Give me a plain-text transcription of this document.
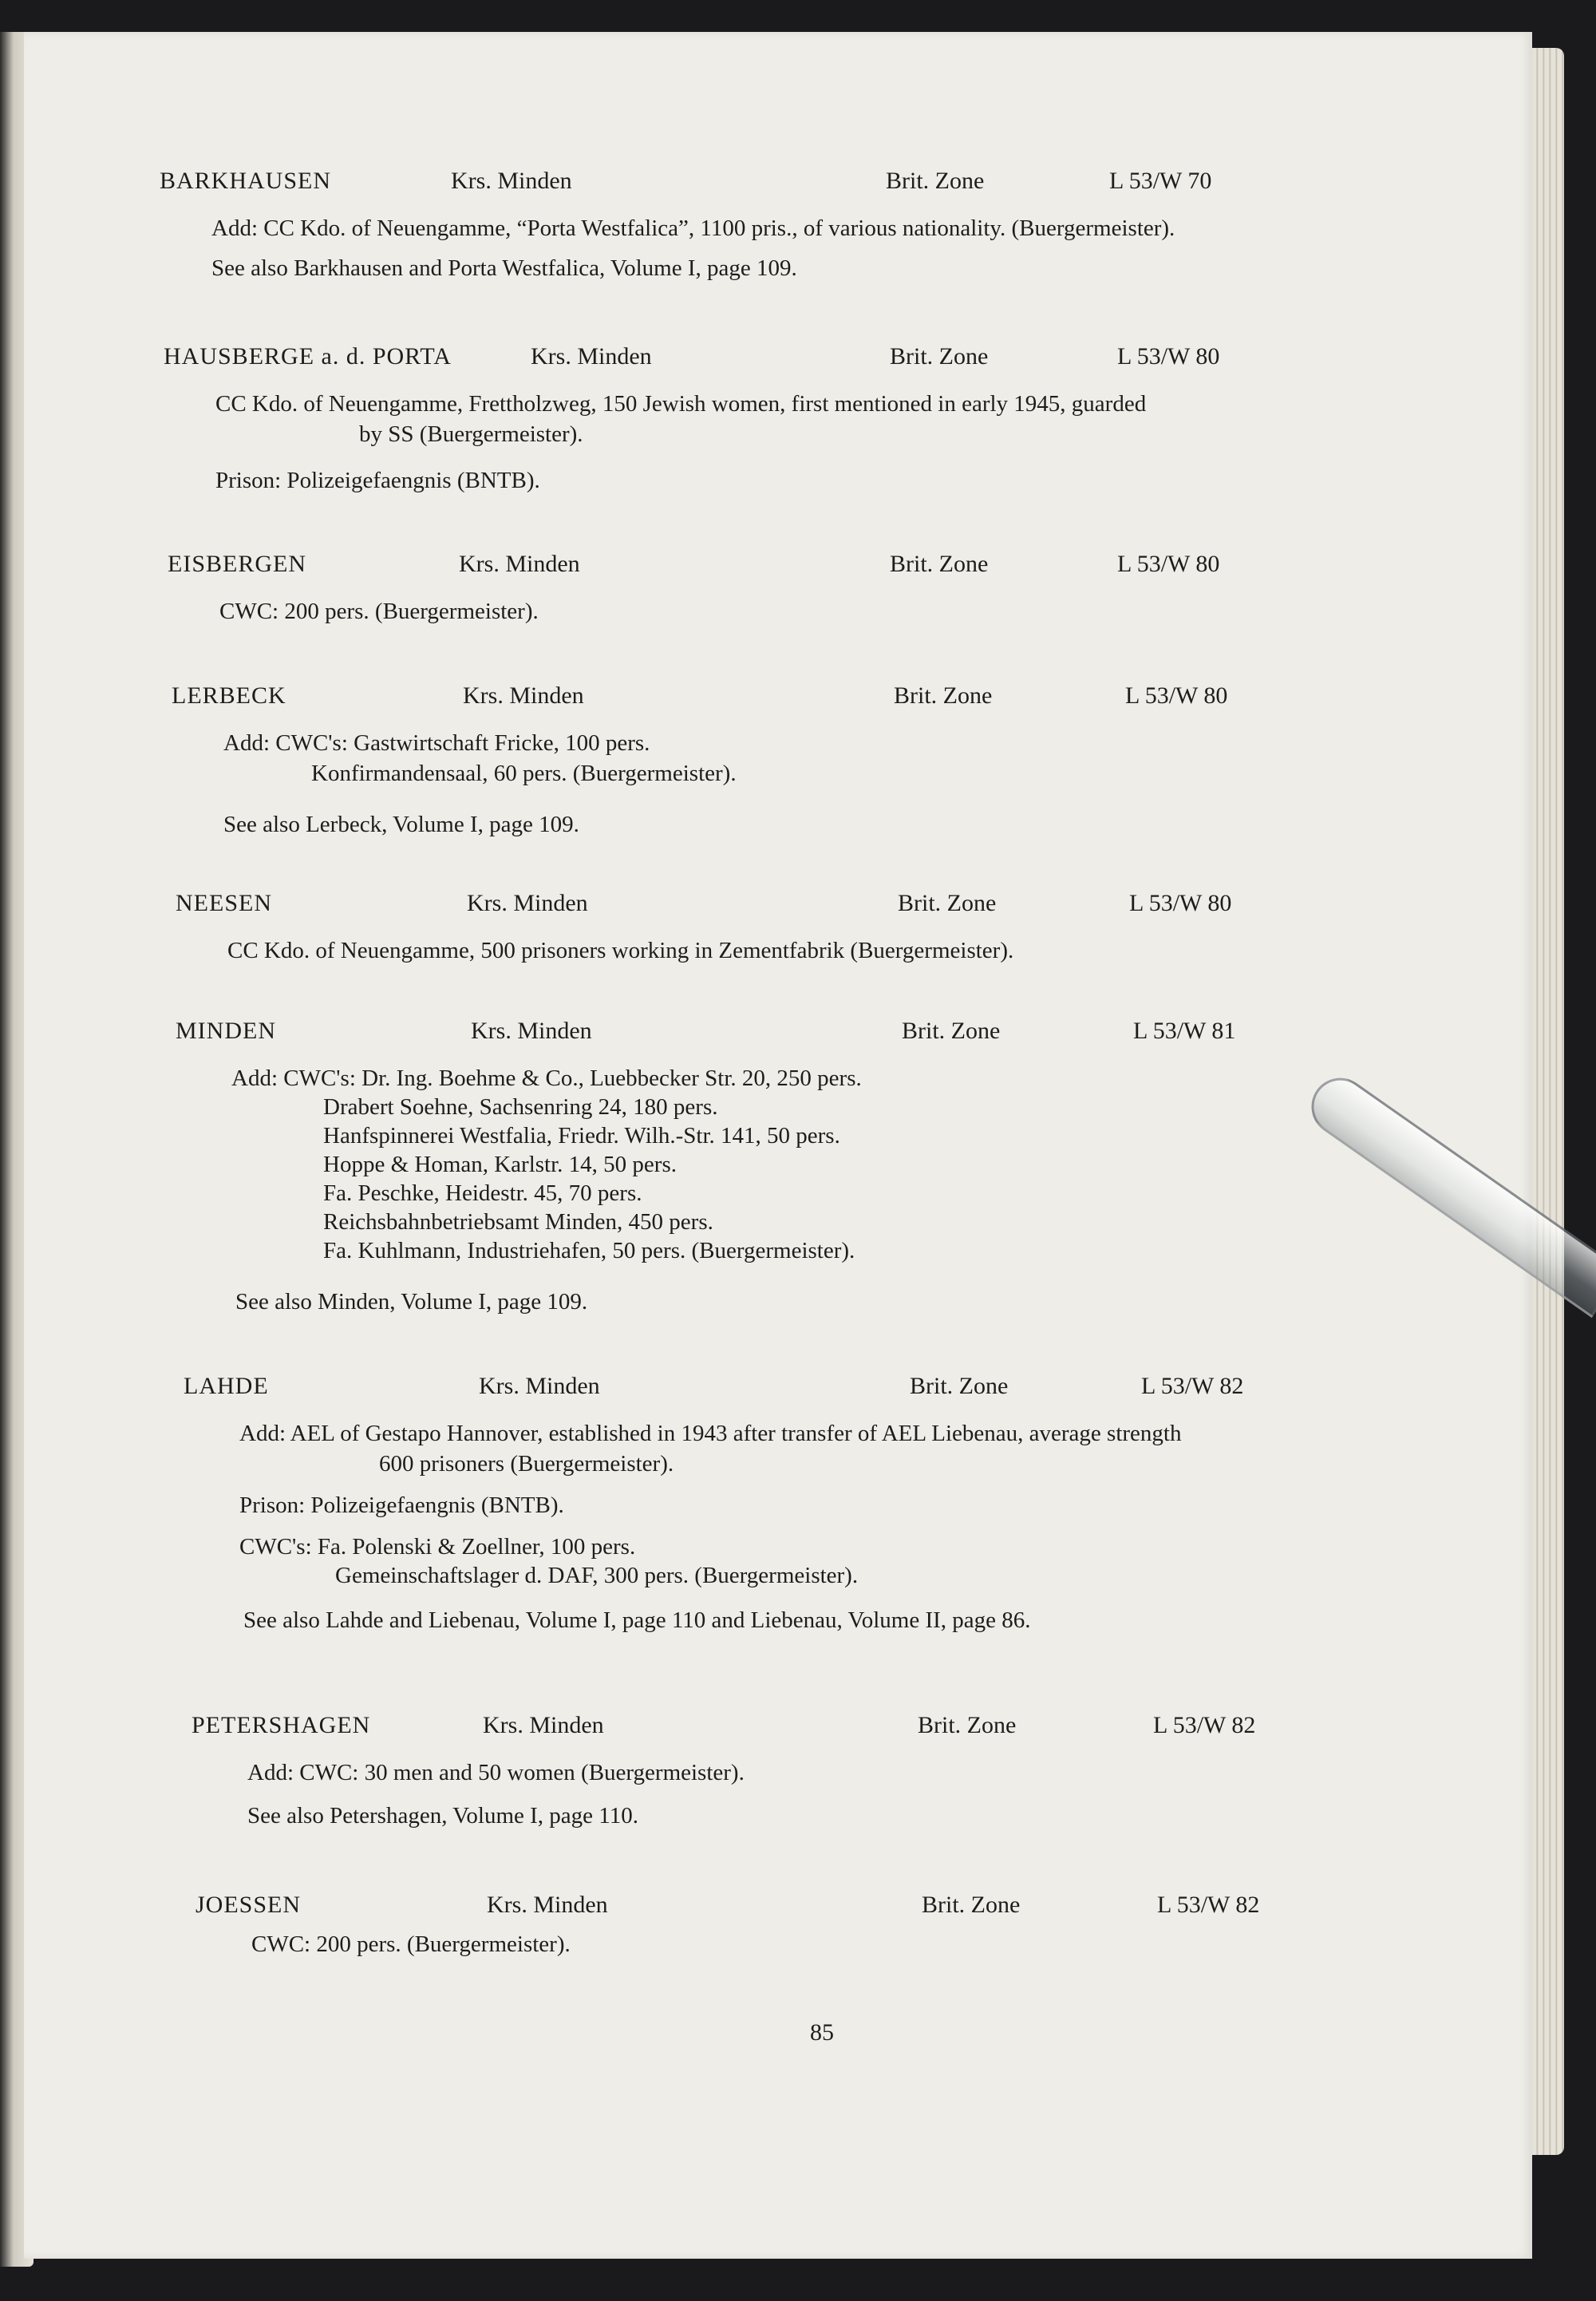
BARKHAUSEN	Krs. Minden	Brit. Zone	L 53/W 70
Add: CC Kdo. of Neuengamme, “Porta Westfalica”, 1100 pris., of various nationality. (Buergermeister).
See also Barkhausen and Porta Westfalica, Volume I, page 109.
HAUSBERGE a. d. PORTA	Krs. Minden	Brit. Zone	L 53/W 80
CC Kdo. of Neuengamme, Frettholzweg, 150 Jewish women, first mentioned in early 1945, guarded
by SS (Buergermeister).
Prison: Polizeigefaengnis (BNTB).
EISBERGEN	Krs. Minden	Brit. Zone	L 53/W 80
CWC: 200 pers. (Buergermeister).
LERBECK	Krs. Minden	Brit. Zone	L 53/W 80
Add: CWC's: Gastwirtschaft Fricke, 100 pers.
Konfirmandensaal, 60 pers. (Buergermeister).
See also Lerbeck, Volume I, page 109.
NEESEN	Krs. Minden	Brit. Zone	L 53/W 80
CC Kdo. of Neuengamme, 500 prisoners working in Zementfabrik (Buergermeister).
MINDEN	Krs. Minden	Brit. Zone	L 53/W 81
Add: CWC's: Dr. Ing. Boehme & Co., Luebbecker Str. 20, 250 pers.
Drabert Soehne, Sachsenring 24, 180 pers.
Hanfspinnerei Westfalia, Friedr. Wilh.-Str. 141, 50 pers.
Hoppe & Homan, Karlstr. 14, 50 pers.
Fa. Peschke, Heidestr. 45, 70 pers.
Reichsbahnbetriebsamt Minden, 450 pers.
Fa. Kuhlmann, Industriehafen, 50 pers. (Buergermeister).
See also Minden, Volume I, page 109.
LAHDE	Krs. Minden	Brit. Zone	L 53/W 82
Add: AEL of Gestapo Hannover, established in 1943 after transfer of AEL Liebenau, average strength
600 prisoners (Buergermeister).
Prison: Polizeigefaengnis (BNTB).
CWC's: Fa. Polenski & Zoellner, 100 pers.
Gemeinschaftslager d. DAF, 300 pers. (Buergermeister).
See also Lahde and Liebenau, Volume I, page 110 and Liebenau, Volume II, page 86.
PETERSHAGEN	Krs. Minden	Brit. Zone	L 53/W 82
Add: CWC: 30 men and 50 women (Buergermeister).
See also Petershagen, Volume I, page 110.
JOESSEN	Krs. Minden	Brit. Zone	L 53/W 82
CWC: 200 pers. (Buergermeister).
85
